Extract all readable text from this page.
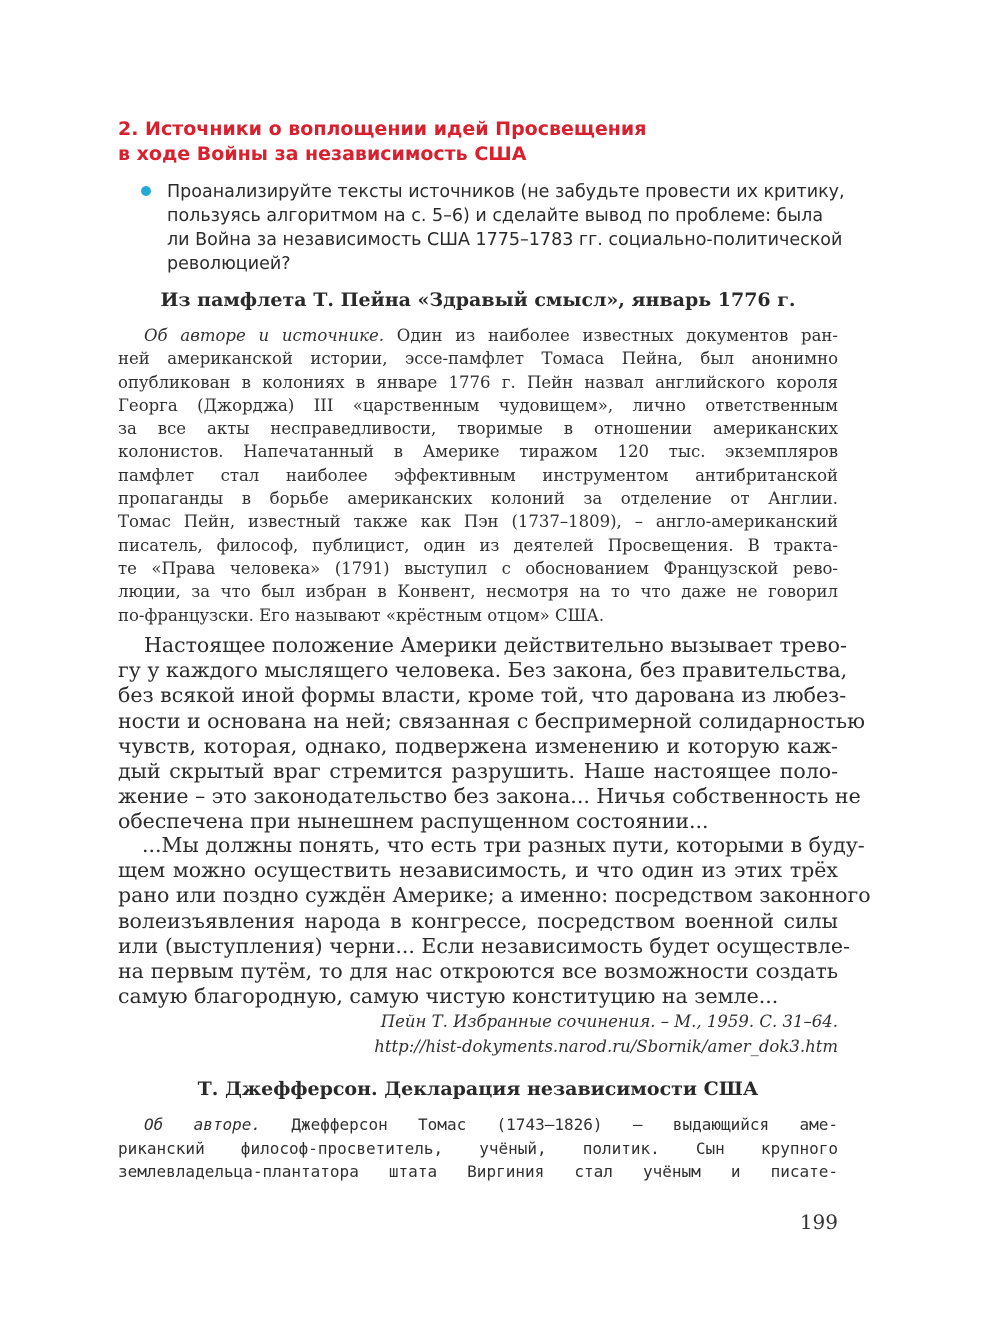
2. Источники о воплощении идей Просвещения
в ходе Войны за независимость США

Проанализируйте тексты источников (не забудьте провести их критику,
пользуясь алгоритмом на с. 5–6) и сделайте вывод по проблеме: была
ли Война за независимость США 1775–1783 гг. социально-политической
революцией?

Из памфлета Т. Пейна «Здравый смысл», январь 1776 г.
Об авторе и источнике. Один из наиболее известных документов ран-
ней американской истории, эссе-памфлет Томаса Пейна, был анонимно
опубликован в колониях в январе 1776 г. Пейн назвал английского короля
Георга (Джорджа) III «царственным чудовищем», лично ответственным
за все акты несправедливости, творимые в отношении американских
колонистов. Напечатанный в Америке тиражом 120 тыс. экземпляров
памфлет стал наиболее эффективным инструментом антибританской
пропаганды в борьбе американских колоний за отделение от Англии.
Томас Пейн, известный также как Пэн (1737–1809), – англо-американский
писатель, философ, публицист, один из деятелей Просвещения. В тракта-
те «Права человека» (1791) выступил с обоснованием Французской рево-
люции, за что был избран в Конвент, несмотря на то что даже не говорил
по-французски. Его называют «крёстным отцом» США.
Настоящее положение Америки действительно вызывает трево-
гу у каждого мыслящего человека. Без закона, без правительства,
без всякой иной формы власти, кроме той, что дарована из любез-
ности и основана на ней; связанная с беспримерной солидарностью
чувств, которая, однако, подвержена изменению и которую каж-
дый скрытый враг стремится разрушить. Наше настоящее поло-
жение – это законодательство без закона... Ничья собственность не
обеспечена при нынешнем распущенном состоянии...
...Мы должны понять, что есть три разных пути, которыми в буду-
щем можно осуществить независимость, и что один из этих трёх
рано или поздно суждён Америке; а именно: посредством законного
волеизъявления народа в конгрессе, посредством военной силы
или (выступления) черни... Если независимость будет осуществле-
на первым путём, то для нас откроются все возможности создать
самую благородную, самую чистую конституцию на земле...

Пейн Т. Избранные сочинения. – М., 1959. С. 31–64.

http://hist-dokyments.narod.ru/Sbornik/amer_dok3.htm

Т. Джефферсон. Декларация независимости США
Об авторе. Джефферсон Томас (1743–1826) – выдающийся аме-
риканский философ-просветитель, учёный, политик. Сын крупного
землевладельца-плантатора штата Виргиния стал учёным и писате-

199
